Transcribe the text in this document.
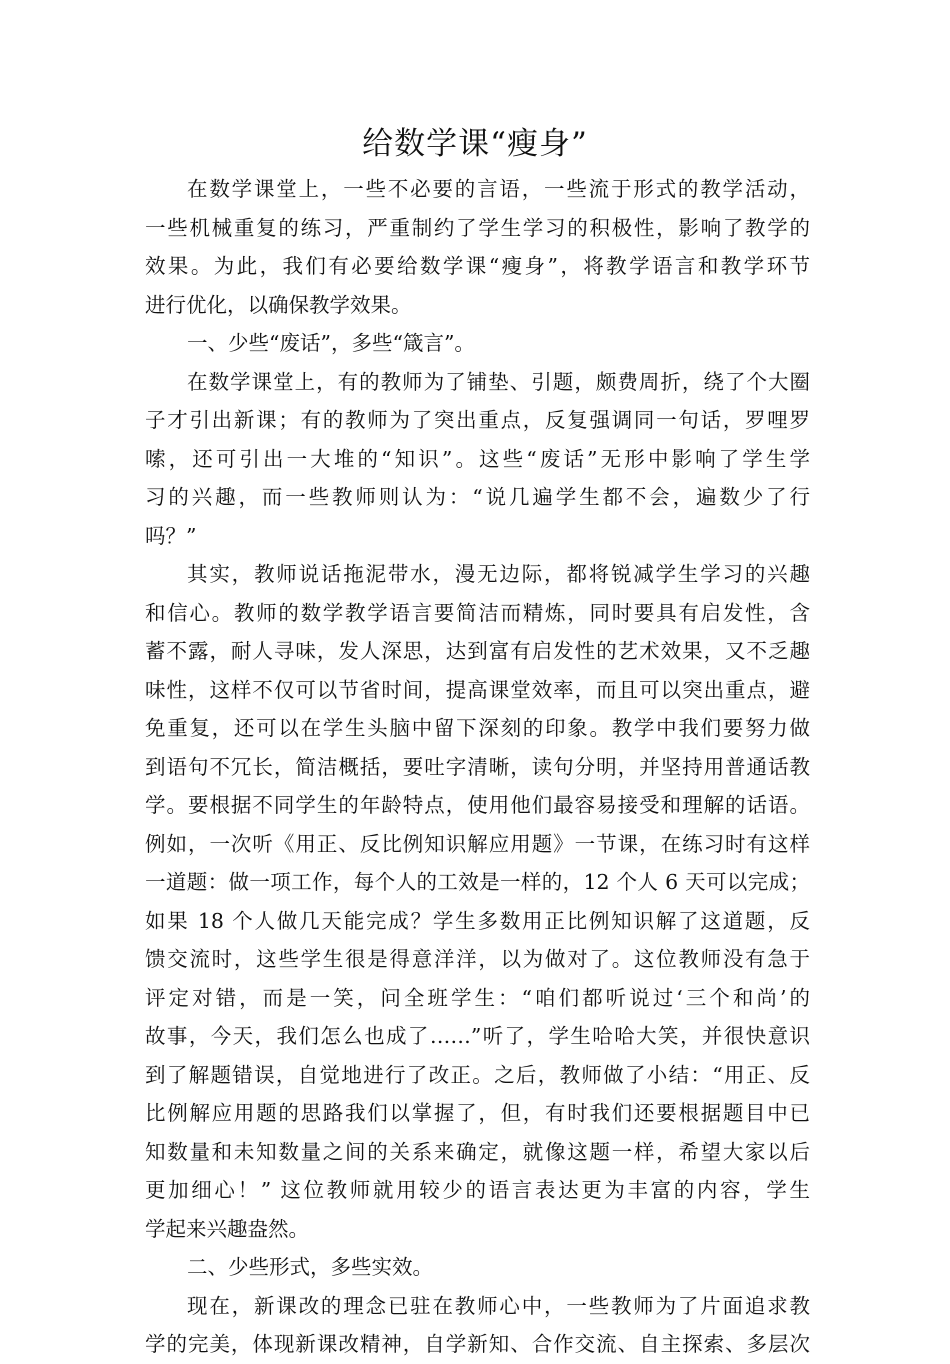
给数学课“瘦身”
在数学课堂上，一些不必要的言语，一些流于形式的教学活动，
一些机械重复的练习，严重制约了学生学习的积极性，影响了教学的
效果。为此，我们有必要给数学课“瘦身”，将教学语言和教学环节
进行优化，以确保教学效果。
一、少些“废话”，多些“箴言”。
在数学课堂上，有的教师为了铺垫、引题，颇费周折，绕了个大圈
子才引出新课；有的教师为了突出重点，反复强调同一句话，罗哩罗
嗦，还可引出一大堆的“知识”。这些“废话”无形中影响了学生学
习的兴趣，而一些教师则认为：“说几遍学生都不会，遍数少了行
吗？”
其实，教师说话拖泥带水，漫无边际，都将锐减学生学习的兴趣
和信心。教师的数学教学语言要简洁而精炼，同时要具有启发性，含
蓄不露，耐人寻味，发人深思，达到富有启发性的艺术效果，又不乏趣
味性，这样不仅可以节省时间，提高课堂效率，而且可以突出重点，避
免重复，还可以在学生头脑中留下深刻的印象。教学中我们要努力做
到语句不冗长，简洁概括，要吐字清晰，读句分明，并坚持用普通话教
学。要根据不同学生的年龄特点，使用他们最容易接受和理解的话语。
例如，一次听《用正、反比例知识解应用题》一节课，在练习时有这样
一道题：做一项工作，每个人的工效是一样的，12 个人 6 天可以完成；
如果 18 个人做几天能完成？学生多数用正比例知识解了这道题，反
馈交流时，这些学生很是得意洋洋，以为做对了。这位教师没有急于
评定对错，而是一笑，问全班学生：“咱们都听说过‘三个和尚’的
故事，今天，我们怎么也成了……”听了，学生哈哈大笑，并很快意识
到了解题错误，自觉地进行了改正。之后，教师做了小结：“用正、反
比例解应用题的思路我们以掌握了，但，有时我们还要根据题目中已
知数量和未知数量之间的关系来确定，就像这题一样，希望大家以后
更加细心！” 这位教师就用较少的语言表达更为丰富的内容，学生
学起来兴趣盎然。
二、少些形式，多些实效。
现在，新课改的理念已驻在教师心中，一些教师为了片面追求教
学的完美，体现新课改精神，自学新知、合作交流、自主探索、多层次
